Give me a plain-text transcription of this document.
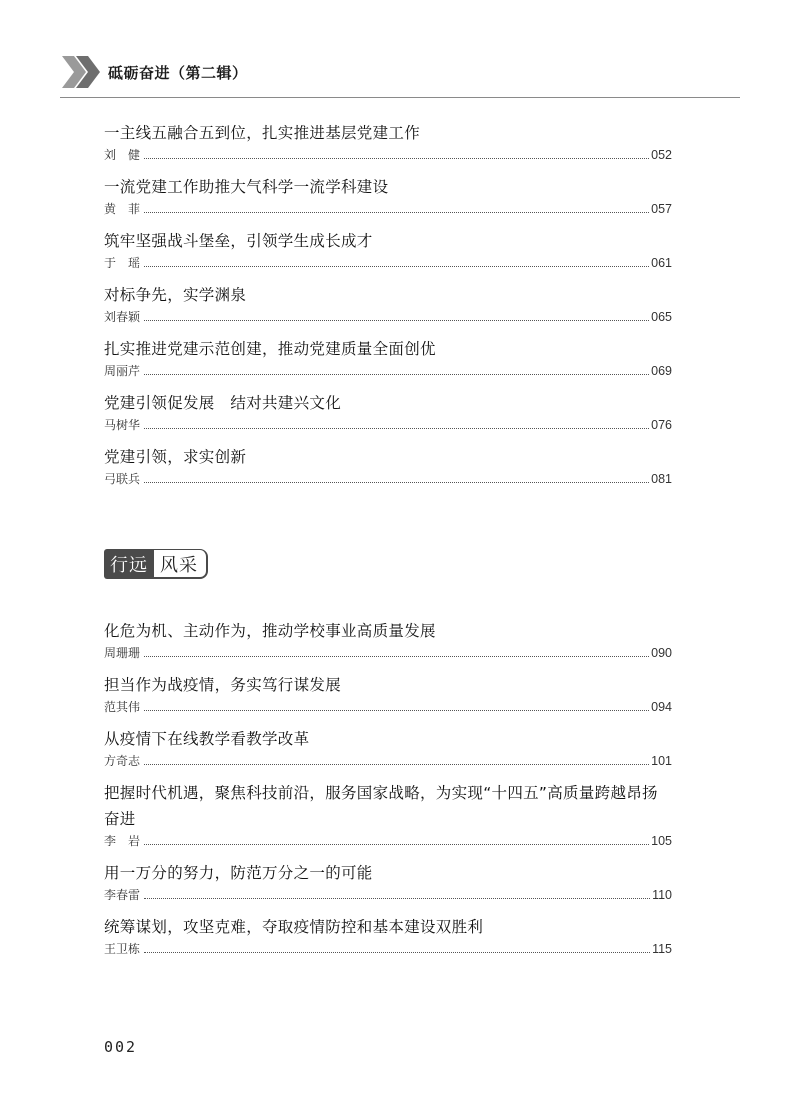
砥砺奋进（第二辑）
一主线五融合五到位，扎实推进基层党建工作
刘　健	052
一流党建工作助推大气科学一流学科建设
黄　菲	057
筑牢坚强战斗堡垒，引领学生成长成才
于　瑶	061
对标争先，实学渊泉
刘春颖	065
扎实推进党建示范创建，推动党建质量全面创优
周丽芹	069
党建引领促发展　结对共建兴文化
马树华	076
党建引领，求实创新
弓联兵	081
行远 风采
化危为机、主动作为，推动学校事业高质量发展
周珊珊	090
担当作为战疫情，务实笃行谋发展
范其伟	094
从疫情下在线教学看教学改革
方奇志	101
把握时代机遇，聚焦科技前沿，服务国家战略，为实现“十四五”高质量跨越昂扬奋进
李　岩	105
用一万分的努力，防范万分之一的可能
李春雷	110
统筹谋划，攻坚克难，夺取疫情防控和基本建设双胜利
王卫栋	115
002
